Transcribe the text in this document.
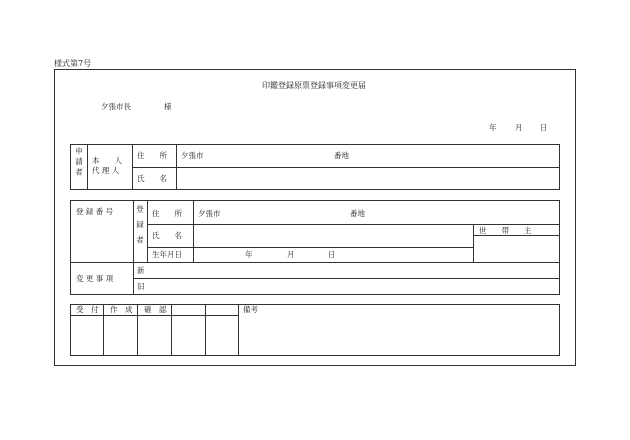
様式第7号
印鑑登録原票登録事項変更届
夕張市長	様
年 月 日
申請者 本　　人
代 理 人
住　　所 夕張市	番地
氏　　名
登 録 番 号	登録者 住　　所 夕張市	番地
氏　　名
世　　帯　　主
生年月日	年	月	日
変 更 事 項
新
旧
受　付 作　成 確　認	備考
